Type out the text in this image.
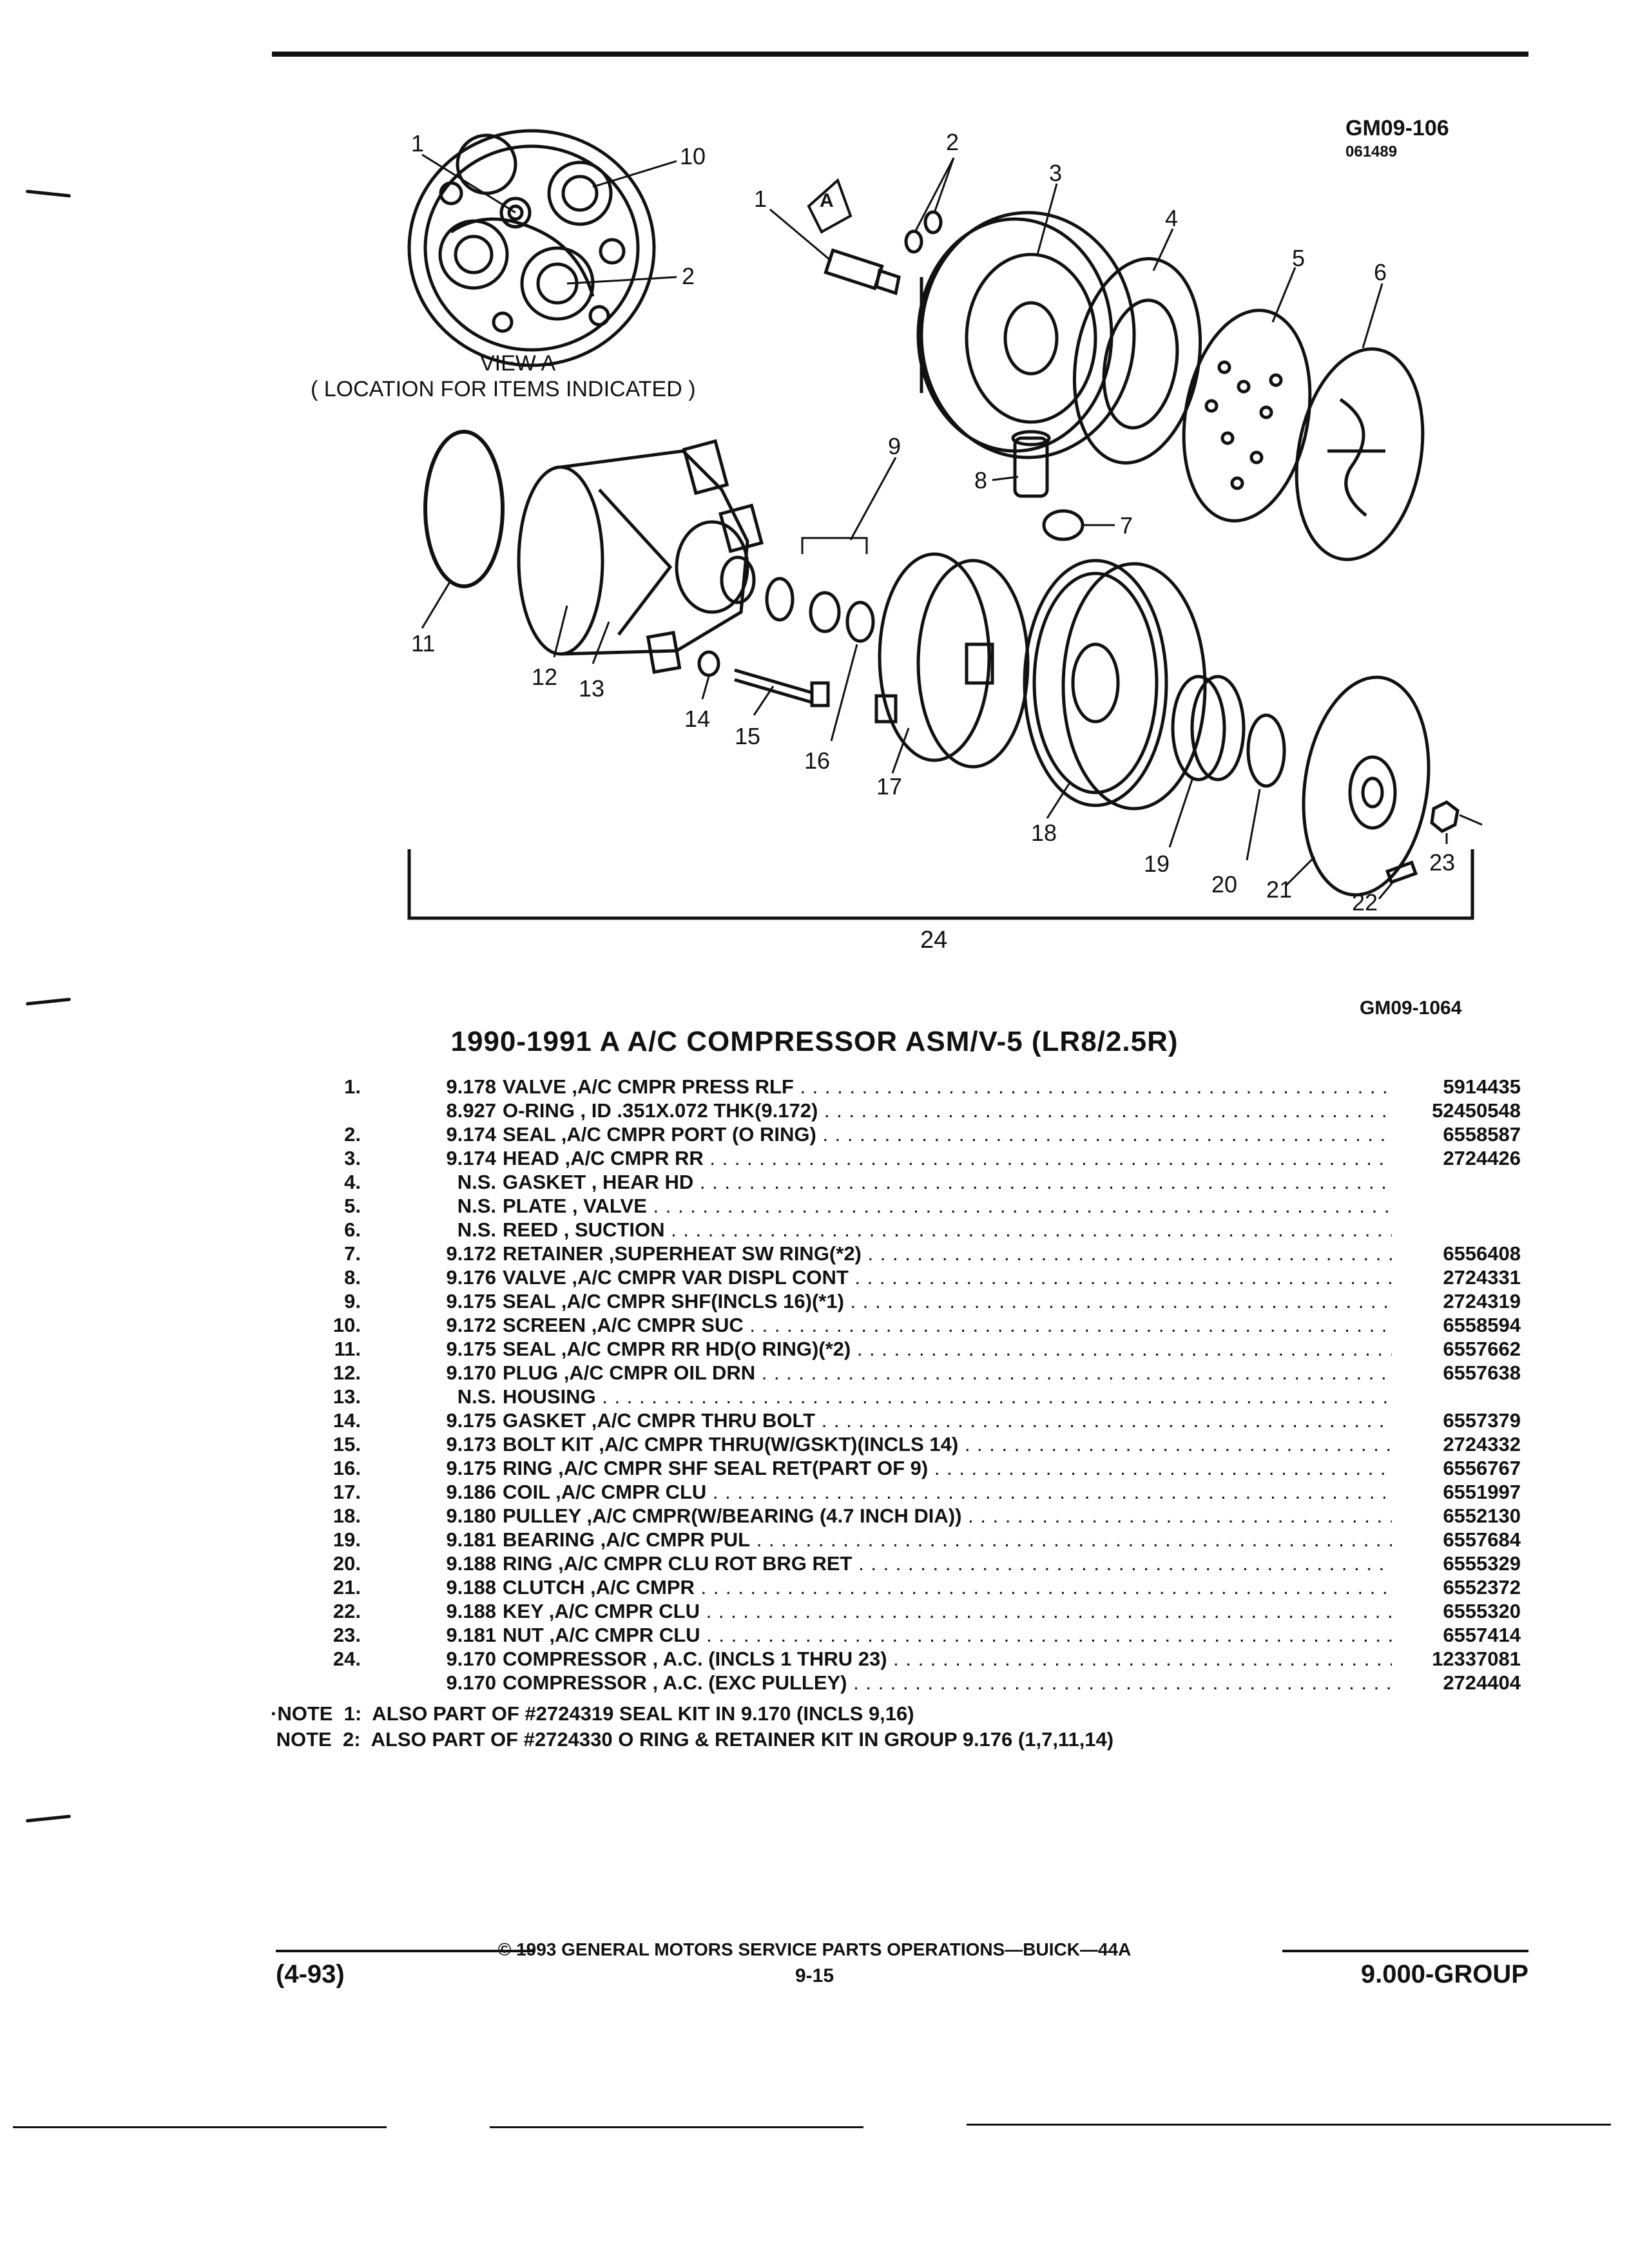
GM09-106
061489
VIEW A
( LOCATION FOR ITEMS INDICATED )
A
1	10
2
1
2
3
4
5
6
7
8
9
11
12 13
14
15
16
17
18
19
20 21	22
23
24
GM09-1064
1990-1991 A A/C COMPRESSOR ASM/V-5 (LR8/2.5R)
1.	9.178 VALVE ,A/C CMPR PRESS RLF . . .	5914435
8.927 O-RING , ID .351X.072 THK(9.172) . . .	52450548
2.	9.174 SEAL ,A/C CMPR PORT (O RING) . . .	6558587
3.	9.174 HEAD ,A/C CMPR RR . . .	2724426
4.	N.S. GASKET , HEAR HD . . .
5.	N.S. PLATE , VALVE . . .
6.	N.S. REED , SUCTION . . .
7.	9.172 RETAINER ,SUPERHEAT SW RING(*2) . . .	6556408
8.	9.176 VALVE ,A/C CMPR VAR DISPL CONT . . .	2724331
9.	9.175 SEAL ,A/C CMPR SHF(INCLS 16)(*1) . . .	2724319
10.	9.172 SCREEN ,A/C CMPR SUC . . .	6558594
11.	9.175 SEAL ,A/C CMPR RR HD(O RING)(*2) . . .	6557662
12.	9.170 PLUG ,A/C CMPR OIL DRN . . .	6557638
13.	N.S. HOUSING . . .
14.	9.175 GASKET ,A/C CMPR THRU BOLT . . .	6557379
15.	9.173 BOLT KIT ,A/C CMPR THRU(W/GSKT)(INCLS 14) . . .	2724332
16.	9.175 RING ,A/C CMPR SHF SEAL RET(PART OF 9) . . .	6556767
17.	9.186 COIL ,A/C CMPR CLU . . .	6551997
18.	9.180 PULLEY ,A/C CMPR(W/BEARING (4.7 INCH DIA)) . . .	6552130
19.	9.181 BEARING ,A/C CMPR PUL . . .	6557684
20.	9.188 RING ,A/C CMPR CLU ROT BRG RET . . .	6555329
21.	9.188 CLUTCH ,A/C CMPR . . .	6552372
22.	9.188 KEY ,A/C CMPR CLU . . .	6555320
23.	9.181 NUT ,A/C CMPR CLU . . .	6557414
24.	9.170 COMPRESSOR , A.C. (INCLS 1 THRU 23) . . .	12337081
9.170 COMPRESSOR , A.C. (EXC PULLEY) . . .	2724404
·NOTE  1:  ALSO PART OF #2724319 SEAL KIT IN 9.170 (INCLS 9,16)
NOTE  2:  ALSO PART OF #2724330 O RING & RETAINER KIT IN GROUP 9.176 (1,7,11,14)
© 1993 GENERAL MOTORS SERVICE PARTS OPERATIONS—BUICK—44A
(4-93)	9-15	9.000-GROUP
